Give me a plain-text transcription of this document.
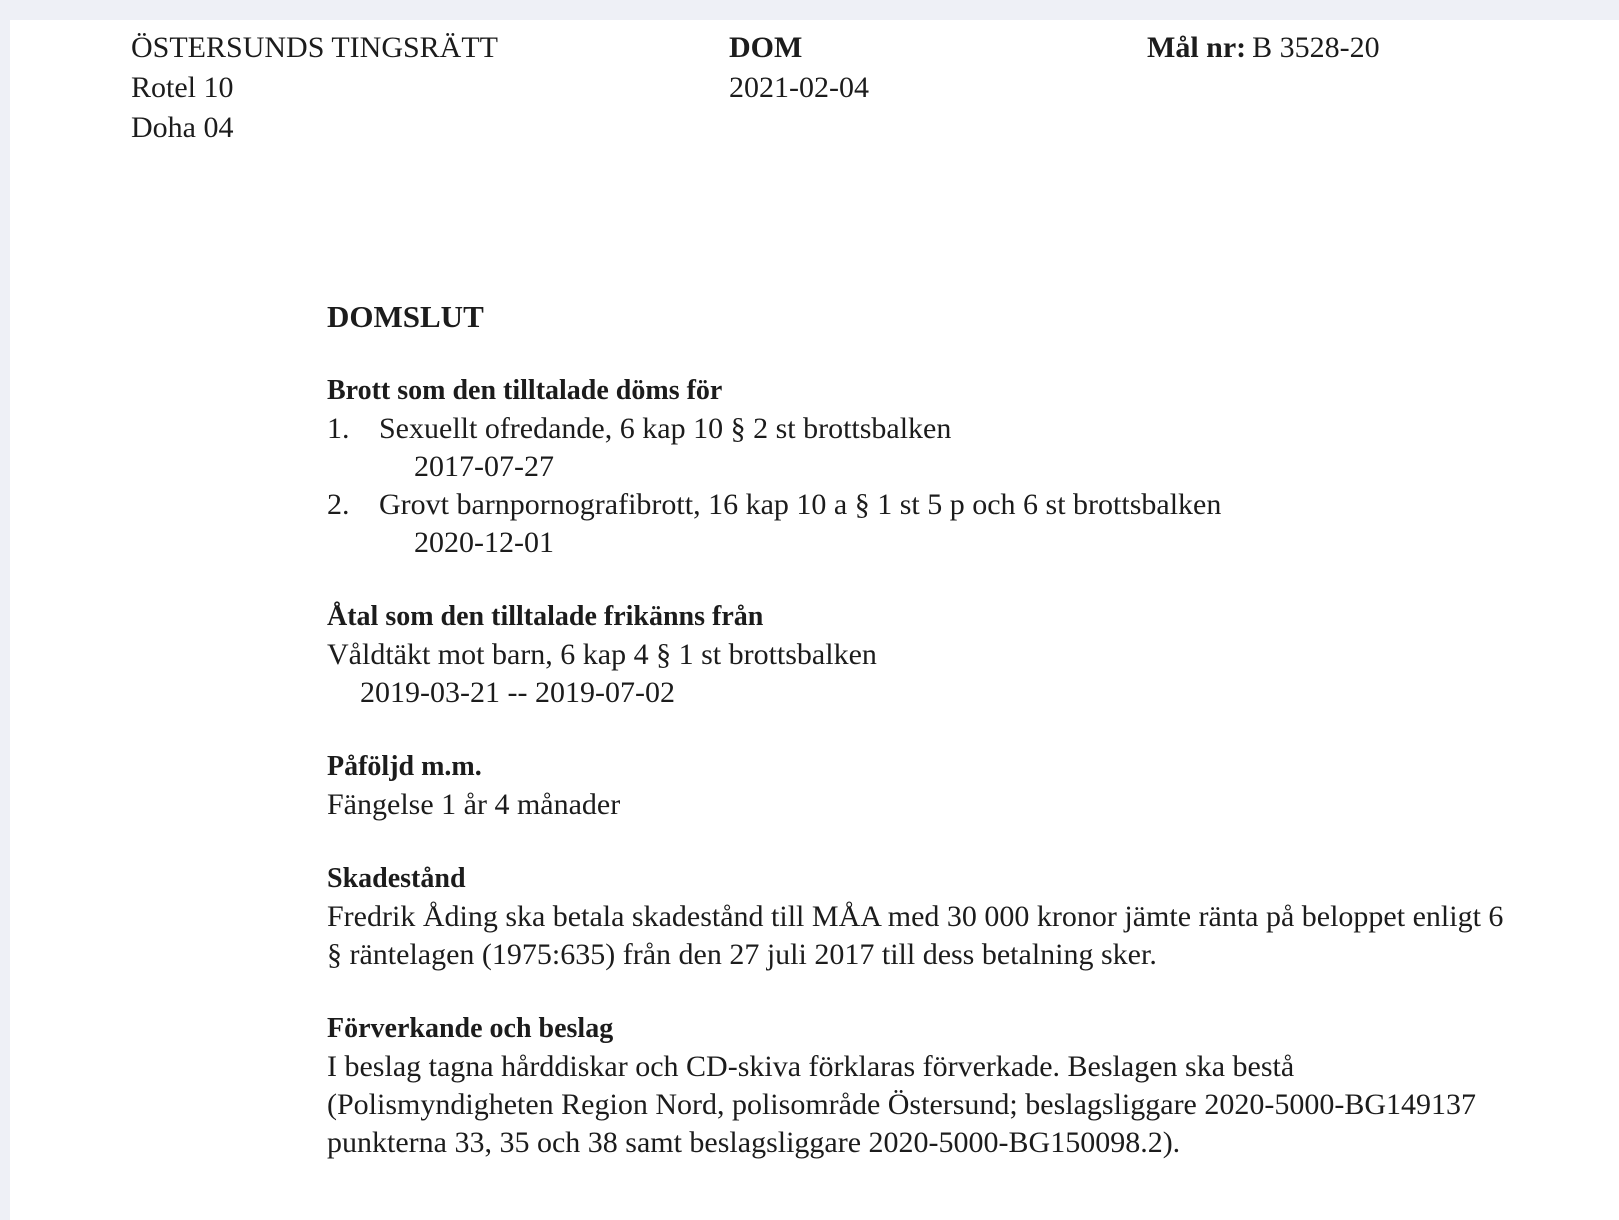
ÖSTERSUNDS TINGSRÄTT
Rotel 10
Doha 04
DOM
2021-02-04
Mål nr: B 3528-20
DOMSLUT
Brott som den tilltalade döms för
1. Sexuellt ofredande, 6 kap 10 § 2 st brottsbalken
2017-07-27
2. Grovt barnpornografibrott, 16 kap 10 a § 1 st 5 p och 6 st brottsbalken
2020-12-01
Åtal som den tilltalade frikänns från

Våldtäkt mot barn, 6 kap 4 § 1 st brottsbalken

2019-03-21 -- 2019-07-02

Påföljd m.m.

Fängelse 1 år 4 månader

Skadestånd

Fredrik Åding ska betala skadestånd till MÅA med 30 000 kronor jämte ränta på beloppet enligt 6 § räntelagen (1975:635) från den 27 juli 2017 till dess betalning sker.

Förverkande och beslag

I beslag tagna hårddiskar och CD-skiva förklaras förverkade. Beslagen ska bestå (Polismyndigheten Region Nord, polisområde Östersund; beslagsliggare 2020-5000-BG149137 punkterna 33, 35 och 38 samt beslagsliggare 2020-5000-BG150098.2).
